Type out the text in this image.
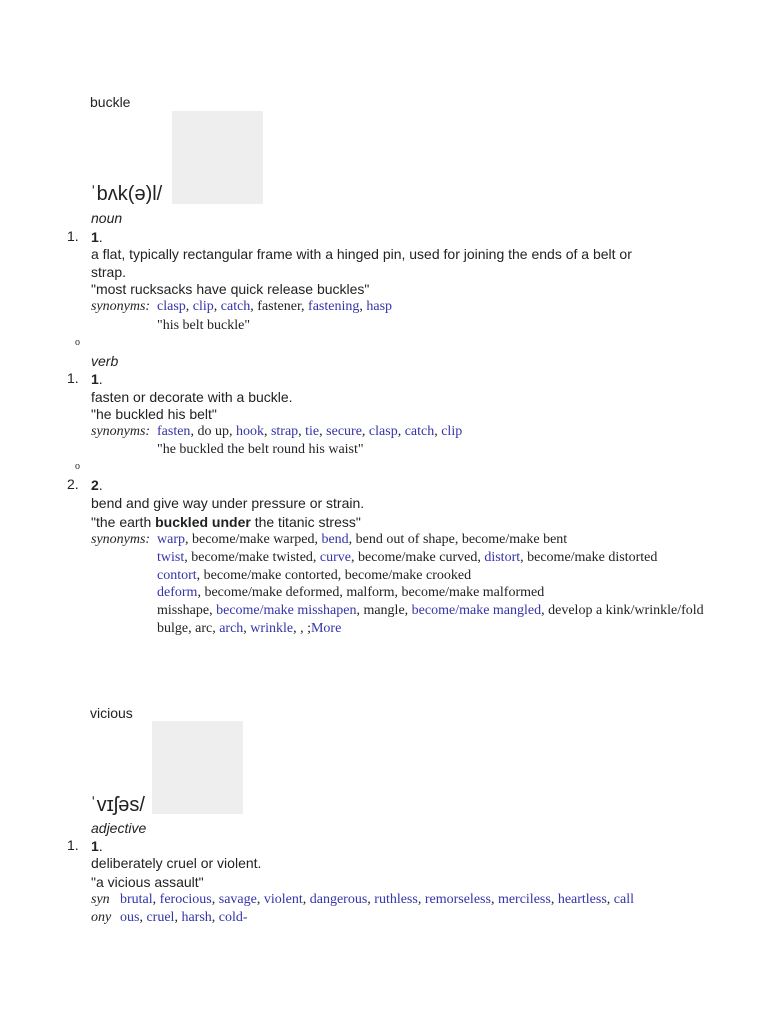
buckle
ˈbʌk(ə)l/
noun
1. 1.
a flat, typically rectangular frame with a hinged pin, used for joining the ends of a belt or
strap.
"most rucksacks have quick release buckles"
synonyms: clasp, clip, catch, fastener, fastening, hasp
"his belt buckle"
o
verb
1. 1.
fasten or decorate with a buckle.
"he buckled his belt"
synonyms: fasten, do up, hook, strap, tie, secure, clasp, catch, clip
"he buckled the belt round his waist"
o
2. 2.
bend and give way under pressure or strain.
"the earth buckled under the titanic stress"
synonyms: warp, become/make warped, bend, bend out of shape, become/make bent
twist, become/make twisted, curve, become/make curved, distort, become/make distorted
contort, become/make contorted, become/make crooked
deform, become/make deformed, malform, become/make malformed
misshape, become/make misshapen, mangle, become/make mangled, develop a kink/wrinkle/fold
bulge, arc, arch, wrinkle, , ;More
vicious
ˈvɪʃəs/
adjective
1. 1.
deliberately cruel or violent.
"a vicious assault"
syn
ony
brutal, ferocious, savage, violent, dangerous, ruthless, remorseless, merciless, heartless, call
ous, cruel, harsh, cold-
